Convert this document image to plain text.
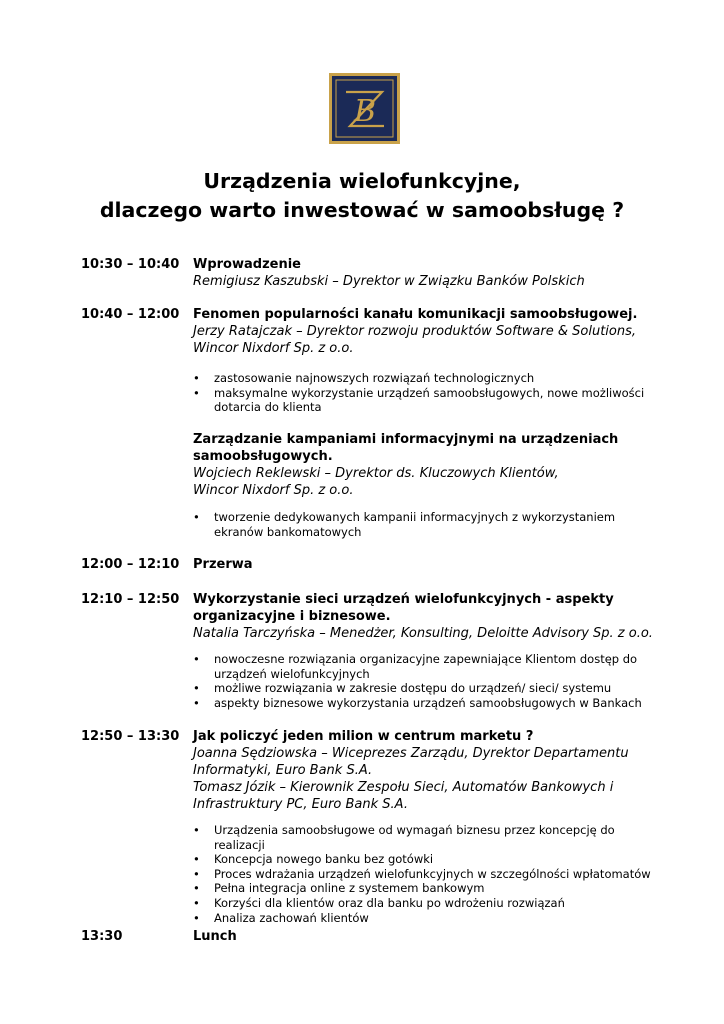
B
Urządzenia wielofunkcyjne,
dlaczego warto inwestować w samoobsługę ?
10:30 – 10:40 Wprowadzenie
Remigiusz Kaszubski – Dyrektor w Związku Banków Polskich
10:40 – 12:00 Fenomen popularności kanału komunikacji samoobsługowej.
Jerzy Ratajczak – Dyrektor rozwoju produktów Software & Solutions,
Wincor Nixdorf Sp. z o.o.
• zastosowanie najnowszych rozwiązań technologicznych
• maksymalne wykorzystanie urządzeń samoobsługowych, nowe możliwości dotarcia do klienta
Zarządzanie kampaniami informacyjnymi na urządzeniach samoobsługowych.
Wojciech Reklewski – Dyrektor ds. Kluczowych Klientów,
Wincor Nixdorf Sp. z o.o.
• tworzenie dedykowanych kampanii informacyjnych z wykorzystaniem ekranów bankomatowych
12:00 – 12:10 Przerwa
12:10 – 12:50 Wykorzystanie sieci urządzeń wielofunkcyjnych - aspekty organizacyjne i biznesowe.
Natalia Tarczyńska – Menedżer, Konsulting, Deloitte Advisory Sp. z o.o.
• nowoczesne rozwiązania organizacyjne zapewniające Klientom dostęp do urządzeń wielofunkcyjnych
• możliwe rozwiązania w zakresie dostępu do urządzeń/ sieci/ systemu
• aspekty biznesowe wykorzystania urządzeń samoobsługowych w Bankach
12:50 – 13:30 Jak policzyć jeden milion w centrum marketu ?
Joanna Sędziowska – Wiceprezes Zarządu, Dyrektor Departamentu Informatyki, Euro Bank S.A.
Tomasz Józik – Kierownik Zespołu Sieci, Automatów Bankowych i Infrastruktury PC, Euro Bank S.A.
• Urządzenia samoobsługowe od wymagań biznesu przez koncepcję do realizacji
• Koncepcja nowego banku bez gotówki
• Proces wdrażania urządzeń wielofunkcyjnych w szczególności wpłatomatów
• Pełna integracja online z systemem bankowym
• Korzyści dla klientów oraz dla banku po wdrożeniu rozwiązań
• Analiza zachowań klientów
13:30	Lunch
